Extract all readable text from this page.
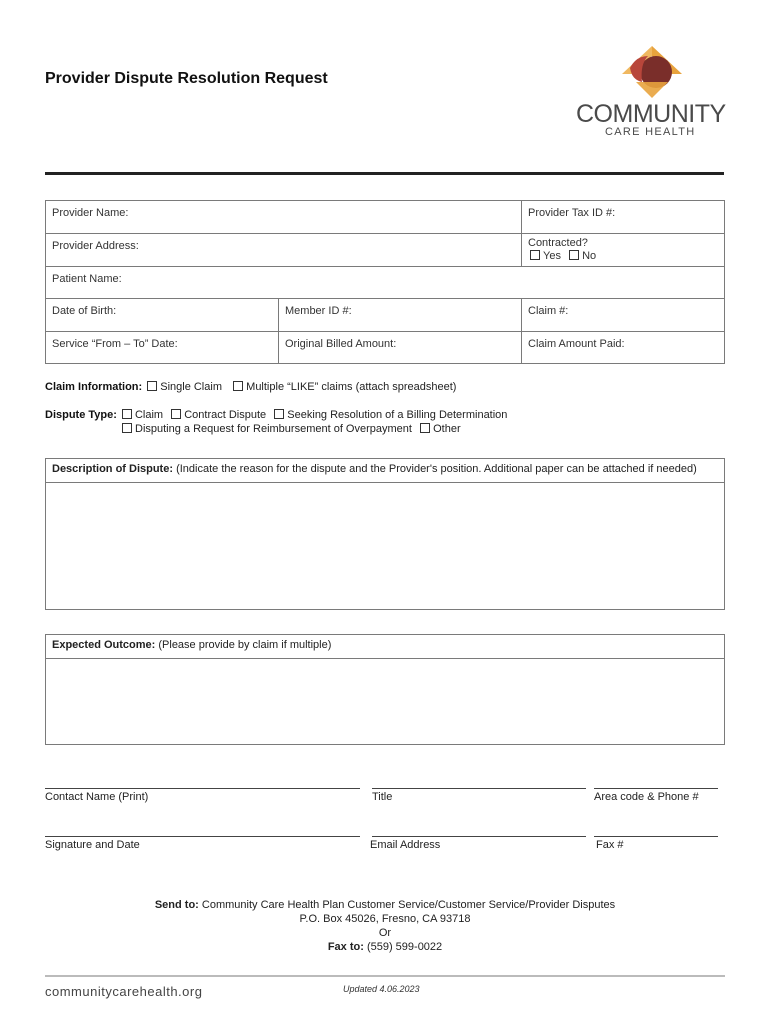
Provider Dispute Resolution Request
COMMUNITY
CARE HEALTH
Provider Name:	Provider Tax ID #:
Provider Address:	Contracted?
Yes No
Patient Name:
Date of Birth:	Member ID #:	Claim #:
Service “From – To” Date:	Original Billed Amount:	Claim Amount Paid:
Claim Information: Single Claim Multiple “LIKE” claims (attach spreadsheet)
Dispute Type: Claim Contract Dispute Seeking Resolution of a Billing Determination
Disputing a Request for Reimbursement of Overpayment Other
Description of Dispute: (Indicate the reason for the dispute and the Provider's position. Additional paper can be attached if needed)
Expected Outcome: (Please provide by claim if multiple)
Contact Name (Print)	Title	Area code & Phone #
Signature and Date	Email Address	Fax #
Send to: Community Care Health Plan Customer Service/Customer Service/Provider Disputes
P.O. Box 45026, Fresno, CA 93718
Or
Fax to: (559) 599-0022
communitycarehealth.org	Updated 4.06.2023
